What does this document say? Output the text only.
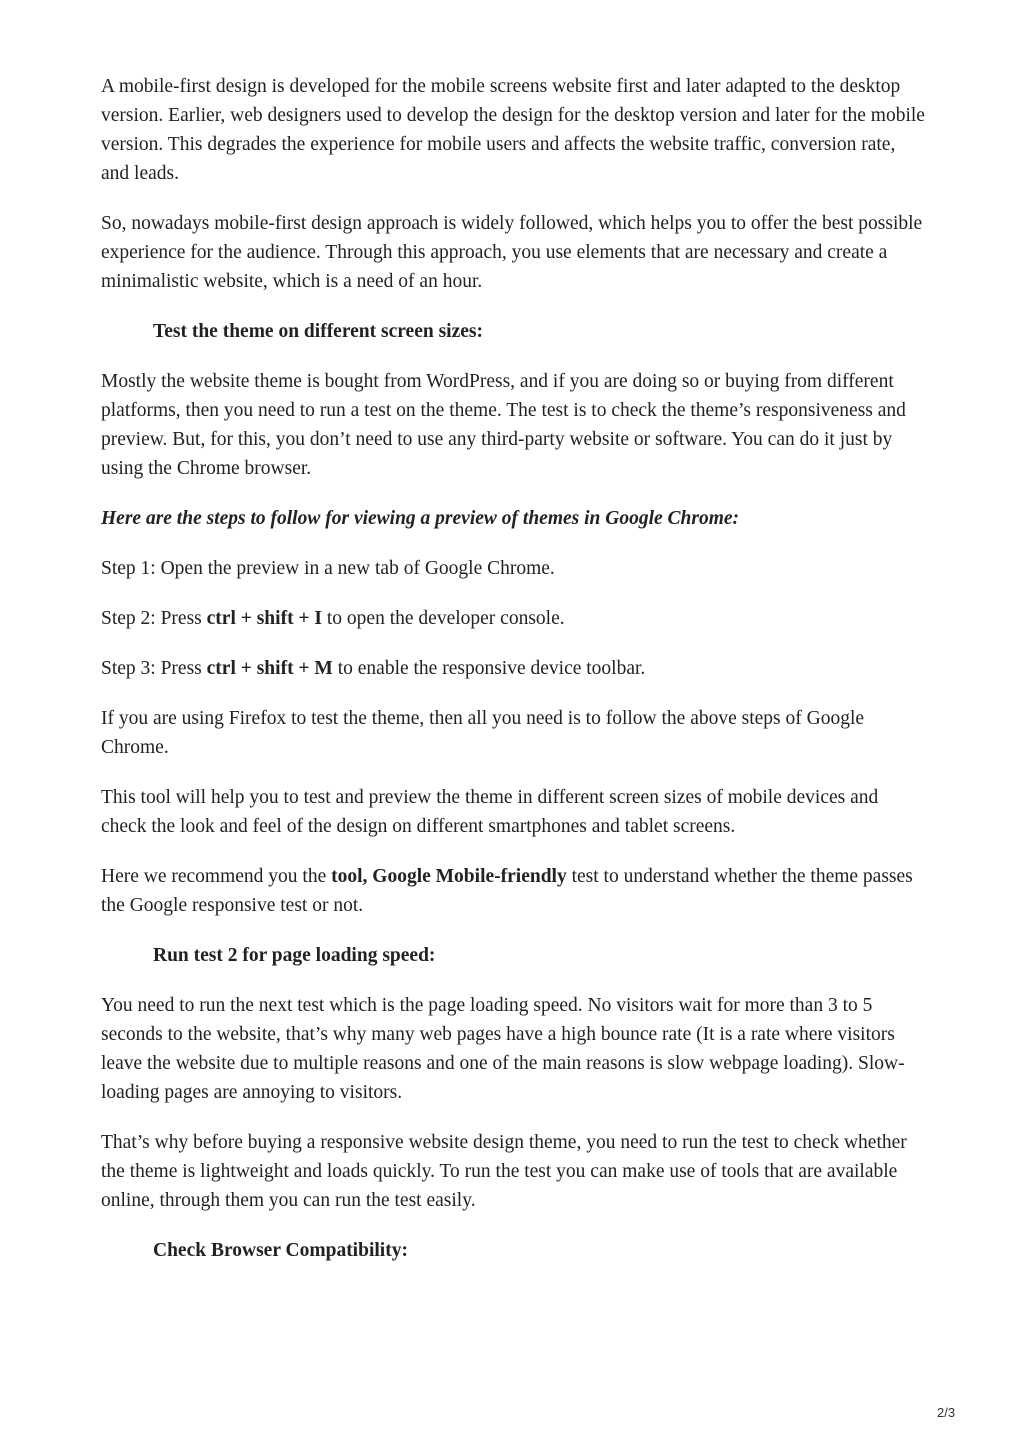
A mobile-first design is developed for the mobile screens website first and later adapted to the desktop version. Earlier, web designers used to develop the design for the desktop version and later for the mobile version. This degrades the experience for mobile users and affects the website traffic, conversion rate, and leads.

So, nowadays mobile-first design approach is widely followed, which helps you to offer the best possible experience for the audience. Through this approach, you use elements that are necessary and create a minimalistic website, which is a need of an hour.

Test the theme on different screen sizes:

Mostly the website theme is bought from WordPress, and if you are doing so or buying from different platforms, then you need to run a test on the theme. The test is to check the theme’s responsiveness and preview. But, for this, you don’t need to use any third-party website or software. You can do it just by using the Chrome browser.

Here are the steps to follow for viewing a preview of themes in Google Chrome:

Step 1: Open the preview in a new tab of Google Chrome.

Step 2: Press ctrl + shift + I to open the developer console.

Step 3: Press ctrl + shift + M to enable the responsive device toolbar.

If you are using Firefox to test the theme, then all you need is to follow the above steps of Google Chrome.

This tool will help you to test and preview the theme in different screen sizes of mobile devices and check the look and feel of the design on different smartphones and tablet screens.

Here we recommend you the tool, Google Mobile-friendly test to understand whether the theme passes the Google responsive test or not.

Run test 2 for page loading speed:

You need to run the next test which is the page loading speed. No visitors wait for more than 3 to 5 seconds to the website, that’s why many web pages have a high bounce rate (It is a rate where visitors leave the website due to multiple reasons and one of the main reasons is slow webpage loading). Slow-loading pages are annoying to visitors.

That’s why before buying a responsive website design theme, you need to run the test to check whether the theme is lightweight and loads quickly. To run the test you can make use of tools that are available online, through them you can run the test easily.

Check Browser Compatibility:

2/3
